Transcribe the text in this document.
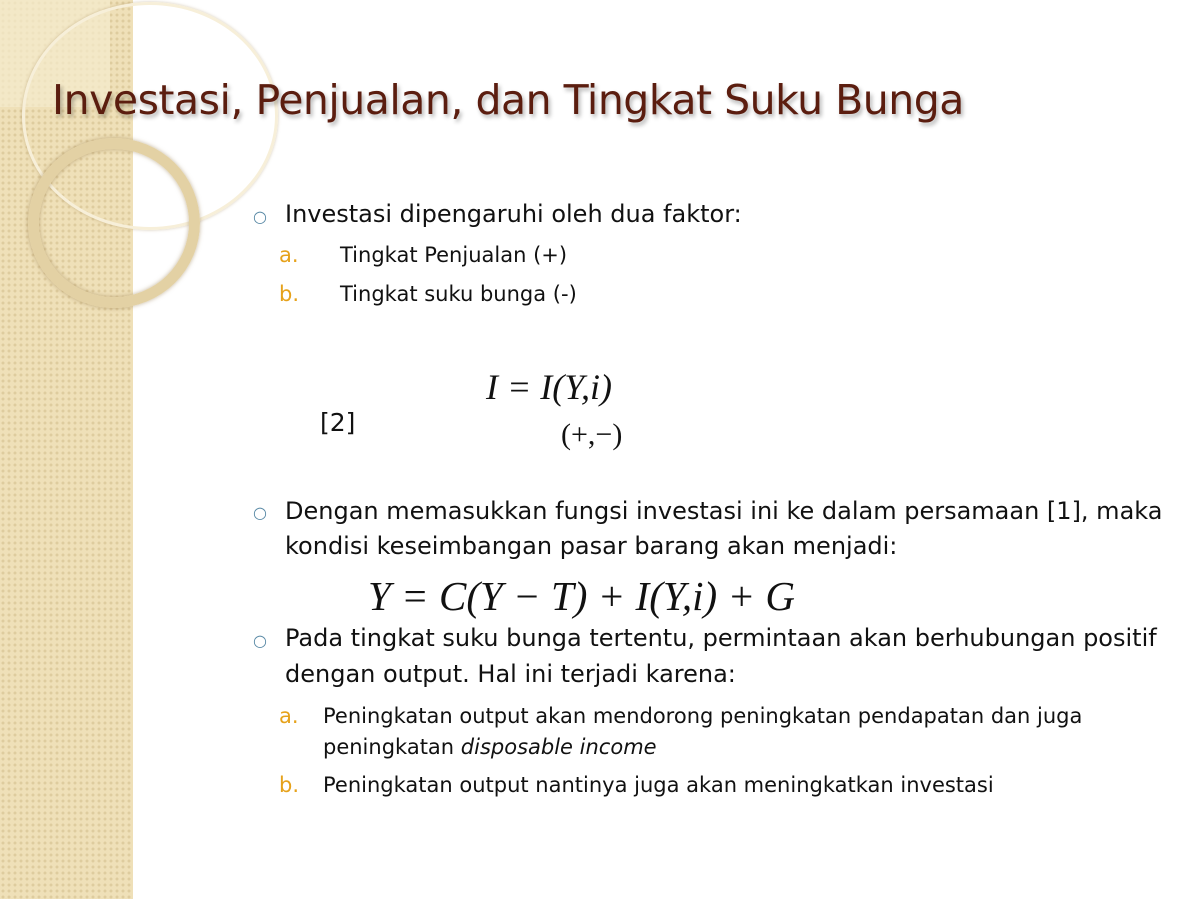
Investasi, Penjualan, dan Tingkat Suku Bunga
○ Investasi dipengaruhi oleh dua faktor:
a. Tingkat Penjualan (+)
b. Tingkat suku bunga (-)
[2]
I = I(Y,i)
(+,−)
○ Dengan memasukkan fungsi investasi ini ke dalam persamaan [1], maka
kondisi keseimbangan pasar barang akan menjadi:
Y = C(Y − T) + I(Y,i) + G
○ Pada tingkat suku bunga tertentu, permintaan akan berhubungan positif
dengan output. Hal ini terjadi karena:
a. Peningkatan output akan mendorong peningkatan pendapatan dan juga
peningkatan disposable income
b. Peningkatan output nantinya juga akan meningkatkan investasi
